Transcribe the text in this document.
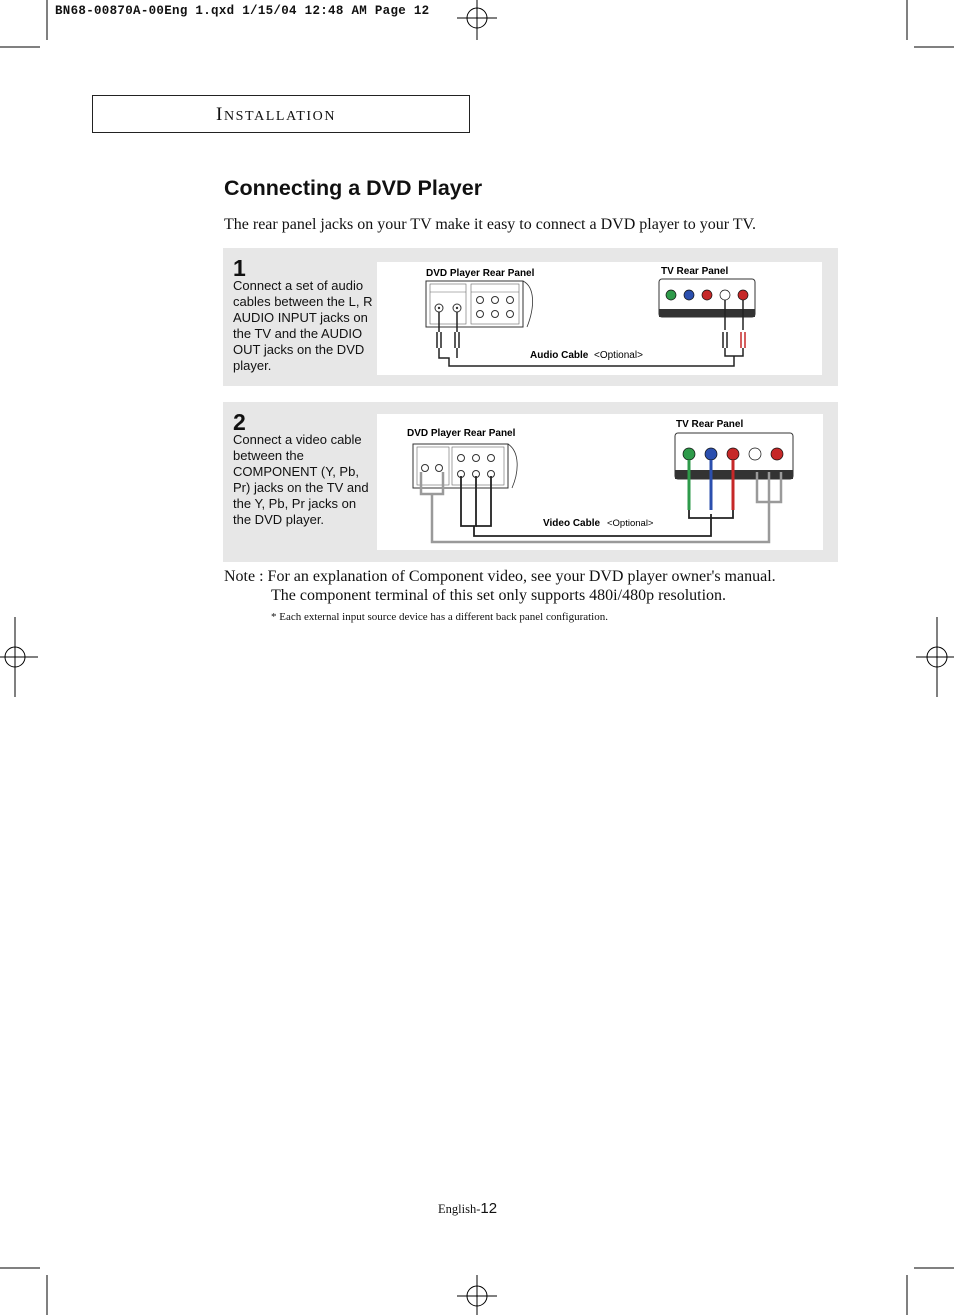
BN68-00870A-00Eng 1.qxd 1/15/04 12:48 AM Page 12
INSTALLATION
Connecting a DVD Player
The rear panel jacks on your TV make it easy to connect a DVD player to your TV.
1
Connect a set of audio cables between the L, R AUDIO INPUT jacks on the TV and the AUDIO OUT jacks on the DVD player.
DVD Player Rear Panel	TV Rear Panel
Audio Cable <Optional>
2
Connect a video cable between the COMPONENT (Y, Pb, Pr) jacks on the TV and the Y, Pb, Pr jacks on the DVD player.
DVD Player Rear Panel
TV Rear Panel
Video Cable <Optional>
Note : For an explanation of Component video, see your DVD player owner's manual.
The component terminal of this set only supports 480i/480p resolution.
* Each external input source device has a different back panel configuration.
English-12
